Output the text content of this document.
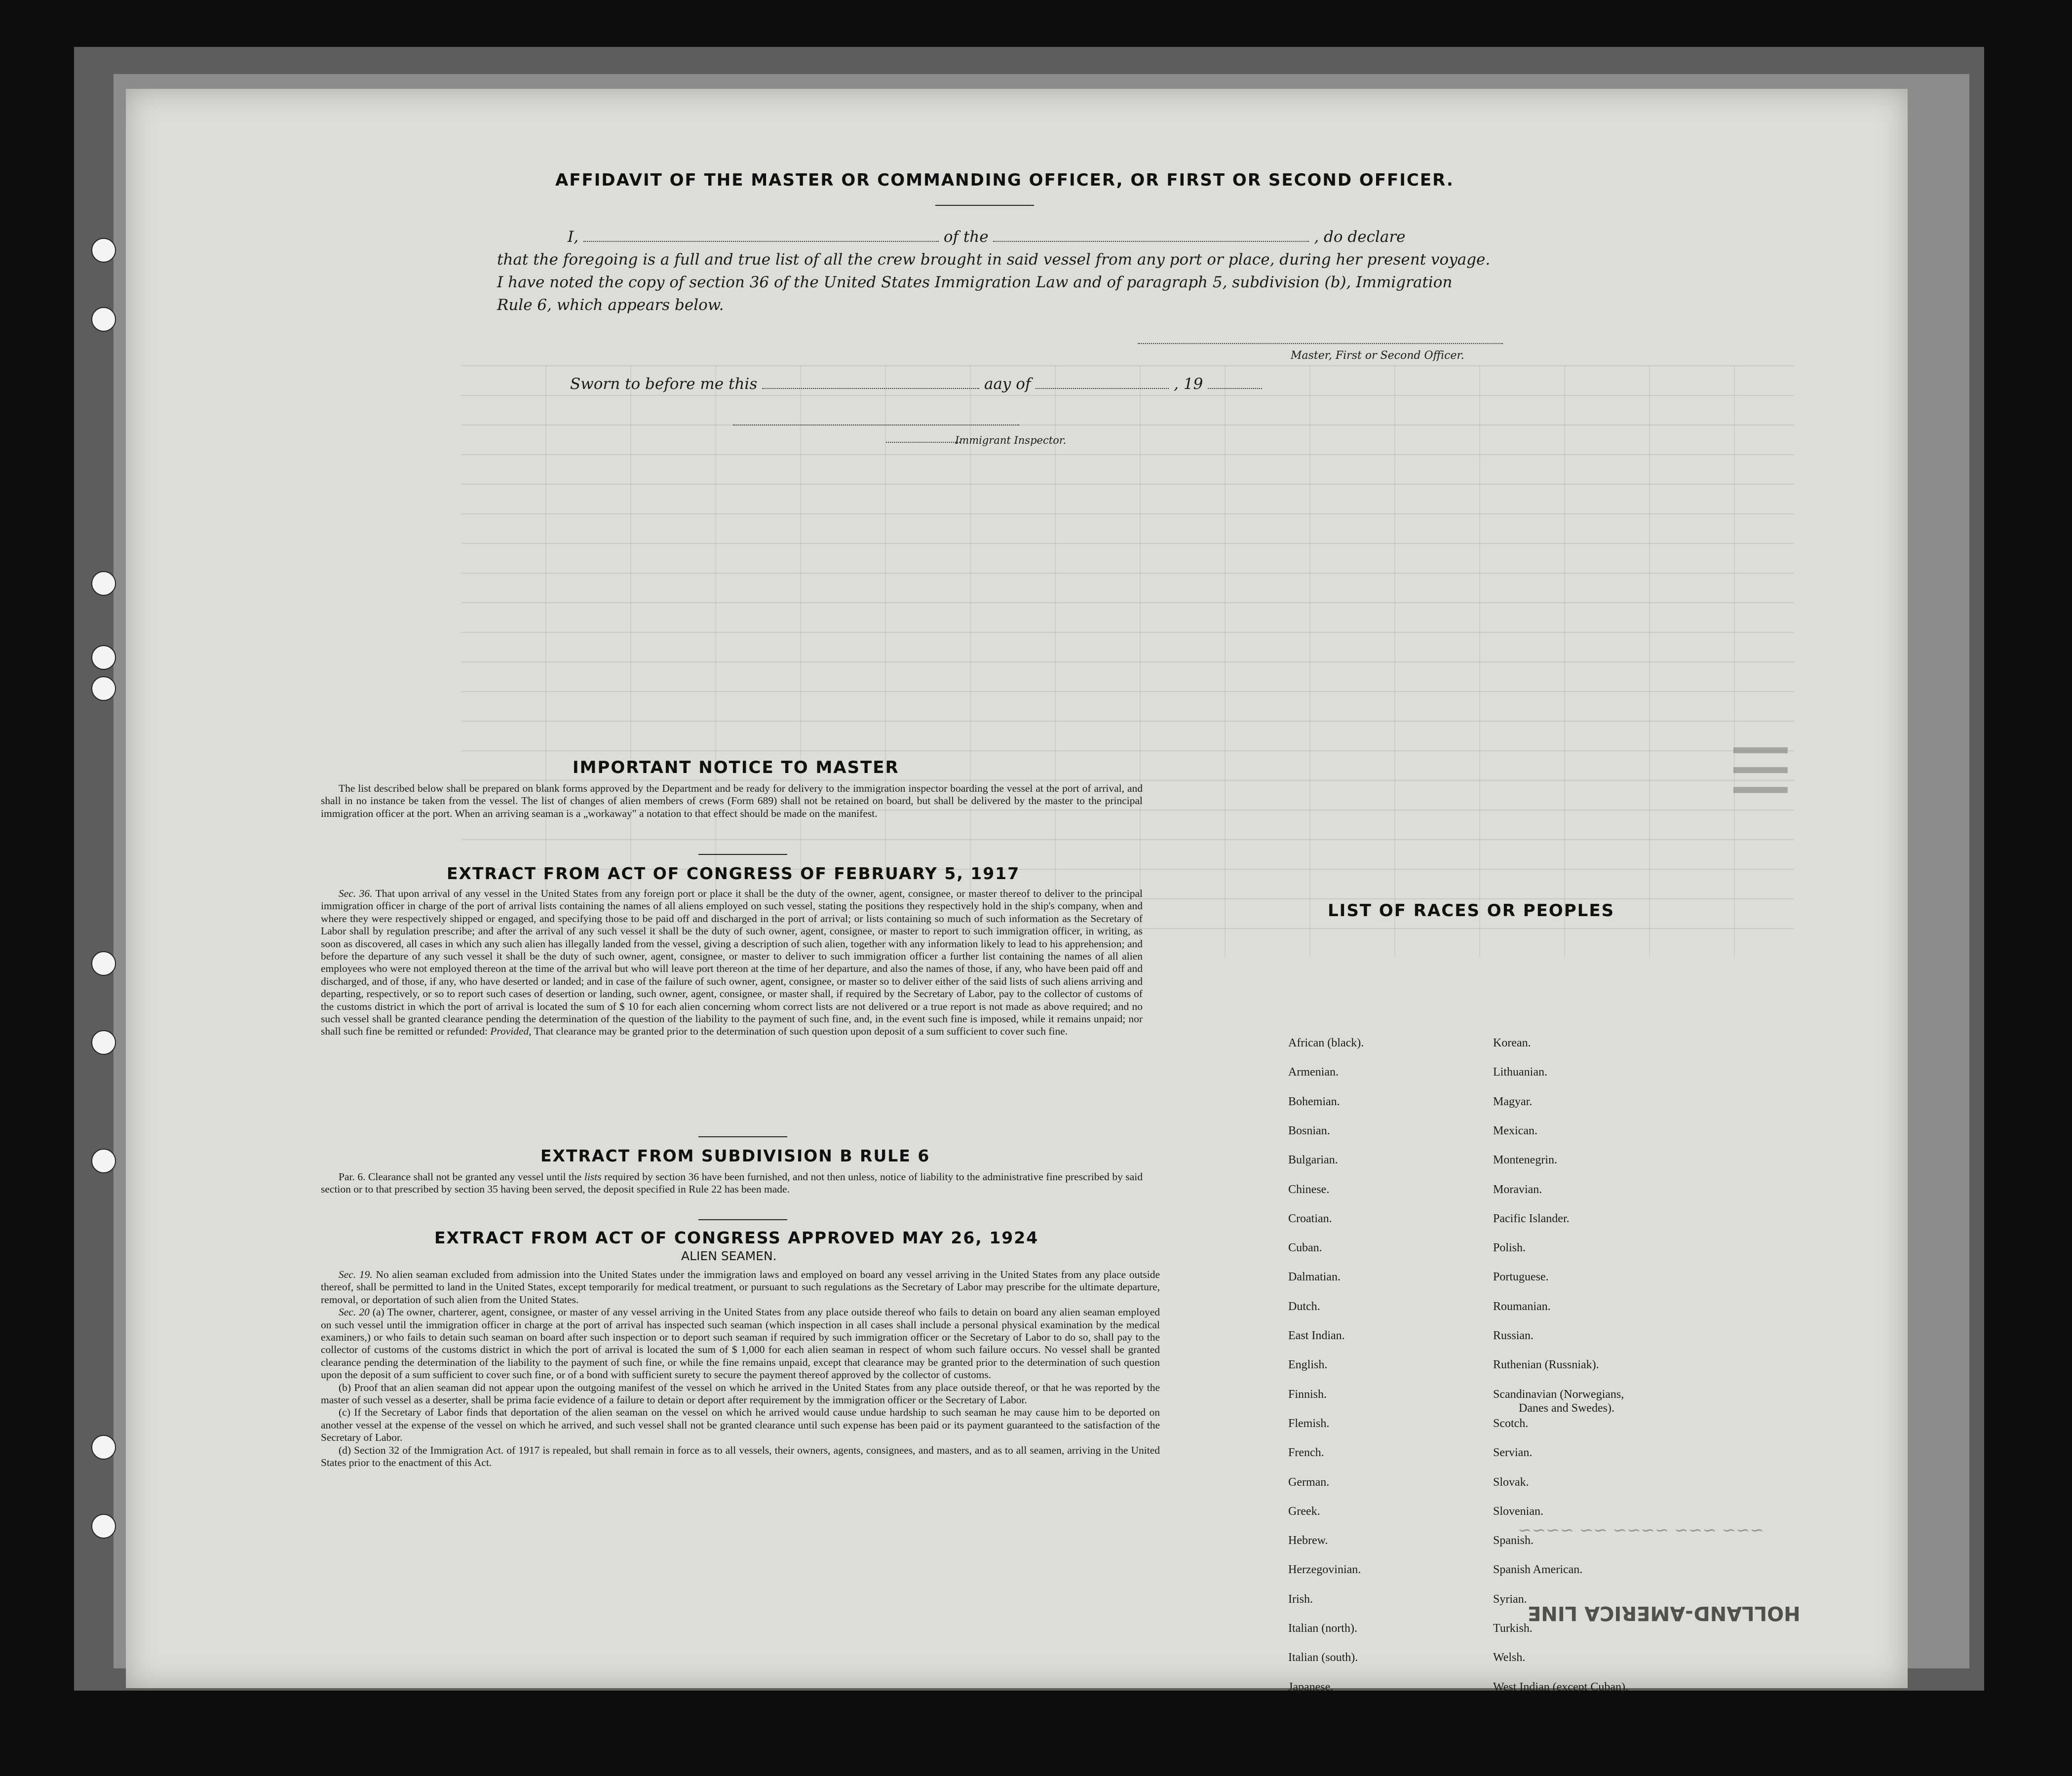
AFFIDAVIT OF THE MASTER OR COMMANDING OFFICER, OR FIRST OR SECOND OFFICER.
I,	of the	, do declare
that the foregoing is a full and true list of all the crew brought in said vessel from any port or place, during her present voyage.
I have noted the copy of section 36 of the United States Immigration Law and of paragraph 5, subdivision (b), Immigration
Rule 6, which appears below.
Master, First or Second Officer.
Sworn to before me this	aay of	, 19
Immigrant Inspector.
IMPORTANT NOTICE TO MASTER

The list described below shall be prepared on blank forms approved by the Department and be ready for delivery to the immigration inspector boarding the vessel at the port of arrival, and shall in no instance be taken from the vessel. The list of changes of alien members of crews (Form 689) shall not be retained on board, but shall be delivered by the master to the principal immigration officer at the port. When an arriving seaman is a „workaway" a notation to that effect should be made on the manifest.

EXTRACT FROM ACT OF CONGRESS OF FEBRUARY 5, 1917

Sec. 36. That upon arrival of any vessel in the United States from any foreign port or place it shall be the duty of the owner, agent, consignee, or master thereof to deliver to the principal immigration officer in charge of the port of arrival lists containing the names of all aliens employed on such vessel, stating the positions they respectively hold in the ship's company, when and where they were respectively shipped or engaged, and specifying those to be paid off and discharged in the port of arrival; or lists containing so much of such information as the Secretary of Labor shall by regulation prescribe; and after the arrival of any such vessel it shall be the duty of such owner, agent, consignee, or master to report to such immigration officer, in writing, as soon as discovered, all cases in which any such alien has illegally landed from the vessel, giving a description of such alien, together with any information likely to lead to his apprehension; and before the departure of any such vessel it shall be the duty of such owner, agent, consignee, or master to deliver to such immigration officer a further list containing the names of all alien employees who were not employed thereon at the time of the arrival but who will leave port thereon at the time of her departure, and also the names of those, if any, who have been paid off and discharged, and of those, if any, who have deserted or landed; and in case of the failure of such owner, agent, consignee, or master so to deliver either of the said lists of such aliens arriving and departing, respectively, or so to report such cases of desertion or landing, such owner, agent, consignee, or master shall, if required by the Secretary of Labor, pay to the collector of customs of the customs district in which the port of arrival is located the sum of $ 10 for each alien concerning whom correct lists are not delivered or a true report is not made as above required; and no such vessel shall be granted clearance pending the determination of the question of the liability to the payment of such fine, and, in the event such fine is imposed, while it remains unpaid; nor shall such fine be remitted or refunded: Provided, That clearance may be granted prior to the determination of such question upon deposit of a sum sufficient to cover such fine.

EXTRACT FROM SUBDIVISION B RULE 6

Par. 6. Clearance shall not be granted any vessel until the lists required by section 36 have been furnished, and not then unless, notice of liability to the administrative fine prescribed by said section or to that prescribed by section 35 having been served, the deposit specified in Rule 22 has been made.

EXTRACT FROM ACT OF CONGRESS APPROVED MAY 26, 1924
ALIEN SEAMEN.

Sec. 19. No alien seaman excluded from admission into the United States under the immigration laws and employed on board any vessel arriving in the United States from any place outside thereof, shall be permitted to land in the United States, except temporarily for medical treatment, or pursuant to such regulations as the Secretary of Labor may prescribe for the ultimate departure, removal, or deportation of such alien from the United States.

Sec. 20 (a) The owner, charterer, agent, consignee, or master of any vessel arriving in the United States from any place outside thereof who fails to detain on board any alien seaman employed on such vessel until the immigration officer in charge at the port of arrival has inspected such seaman (which inspection in all cases shall include a personal physical examination by the medical examiners,) or who fails to detain such seaman on board after such inspection or to deport such seaman if required by such immigration officer or the Secretary of Labor to do so, shall pay to the collector of customs of the customs district in which the port of arrival is located the sum of $ 1,000 for each alien seaman in respect of whom such failure occurs. No vessel shall be granted clearance pending the determination of the liability to the payment of such fine, or while the fine remains unpaid, except that clearance may be granted prior to the determination of such question upon the deposit of a sum sufficient to cover such fine, or of a bond with sufficient surety to secure the payment thereof approved by the collector of customs.

(b) Proof that an alien seaman did not appear upon the outgoing manifest of the vessel on which he arrived in the United States from any place outside thereof, or that he was reported by the master of such vessel as a deserter, shall be prima facie evidence of a failure to detain or deport after requirement by the immigration officer or the Secretary of Labor.

(c) If the Secretary of Labor finds that deportation of the alien seaman on the vessel on which he arrived would cause undue hardship to such seaman he may cause him to be deported on another vessel at the expense of the vessel on which he arrived, and such vessel shall not be granted clearance until such expense has been paid or its payment guaranteed to the satisfaction of the Secretary of Labor.

(d) Section 32 of the Immigration Act. of 1917 is repealed, but shall remain in force as to all vessels, their owners, agents, consignees, and masters, and as to all seamen, arriving in the United States prior to the enactment of this Act.

LIST OF RACES OR PEOPLES
African (black).
Armenian.
Bohemian.
Bosnian.
Bulgarian.
Chinese.
Croatian.
Cuban.
Dalmatian.
Dutch.
East Indian.
English.
Finnish.
Flemish.
French.
German.
Greek.
Hebrew.
Herzegovinian.
Irish.
Italian (north).
Italian (south).
Japanese.
Korean.
Lithuanian.
Magyar.
Mexican.
Montenegrin.
Moravian.
Pacific Islander.
Polish.
Portuguese.
Roumanian.
Russian.
Ruthenian (Russniak).
Scandinavian (Norwegians,
Danes and Swedes).
Scotch.
Servian.
Slovak.
Slovenian.
Spanish.
Spanish American.
Syrian.
Turkish.
Welsh.
West Indian (except Cuban).
HOLLAND-AMERICA LINE
~~~ ~~~ ~~~~ ~~ ~~~~
|||
